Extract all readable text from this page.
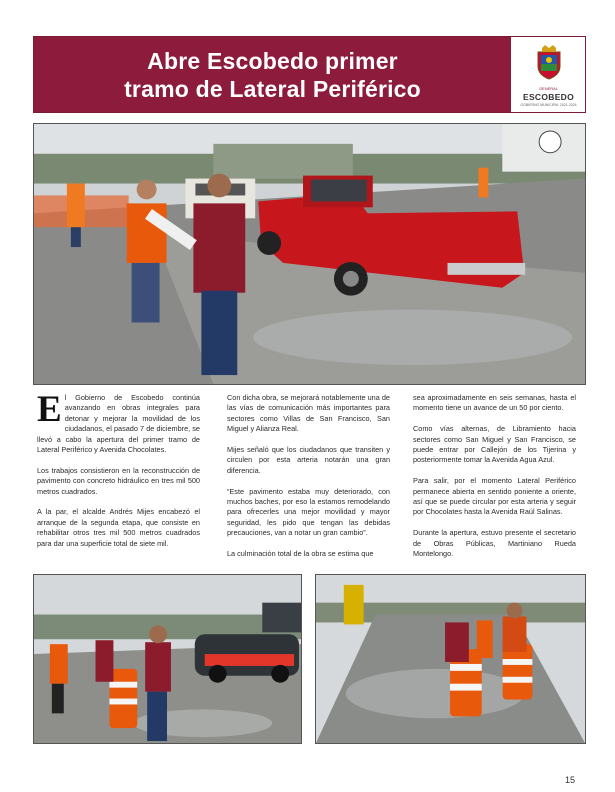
Abre Escobedo primer
tramo de Lateral Periférico	GENERAL
ESCOBEDO
GOBIERNO MUNICIPAL 2021-2024

E l Gobierno de Escobedo continúa avanzando en obras integrales para detonar y mejorar la movilidad de los ciudadanos, el pasado 7 de diciembre, se llevó a cabo la apertura del primer tramo de Lateral Periférico y Avenida Chocolates.

Los trabajos consistieron en la reconstrucción de pavimento con concreto hidráulico en tres mil 500 metros cuadrados.

A la par, el alcalde Andrés Mijes encabezó el arranque de la segunda etapa, que consiste en rehabilitar otros tres mil 500 metros cuadrados para dar una superficie total de siete mil.

Con dicha obra, se mejorará notablemente una de las vías de comunicación más importantes para sectores como Villas de San Francisco, San Miguel y Alianza Real.

Mijes señaló que los ciudadanos que transiten y circulen por esta arteria notarán una gran diferencia.

“Este pavimento estaba muy deteriorado, con muchos baches, por eso la estamos remodelando para ofrecerles una mejor movilidad y mayor seguridad, les pido que tengan las debidas precauciones, van a notar un gran cambio”.

La culminación total de la obra se estima que

sea aproximadamente en seis semanas, hasta el momento tiene un avance de un 50 por ciento.

Como vías alternas, de Libramiento hacia sectores como San Miguel y San Francisco, se puede entrar por Callejón de los Tijerina y posteriormente tomar la Avenida Agua Azul.

Para salir, por el momento Lateral Periférico permanece abierta en sentido poniente a oriente, así que se puede circular por esta arteria y seguir por Chocolates hasta la Avenida Raúl Salinas.

Durante la apertura, estuvo presente el secretario de Obras Públicas, Martiniano Rueda Montelongo.

15
